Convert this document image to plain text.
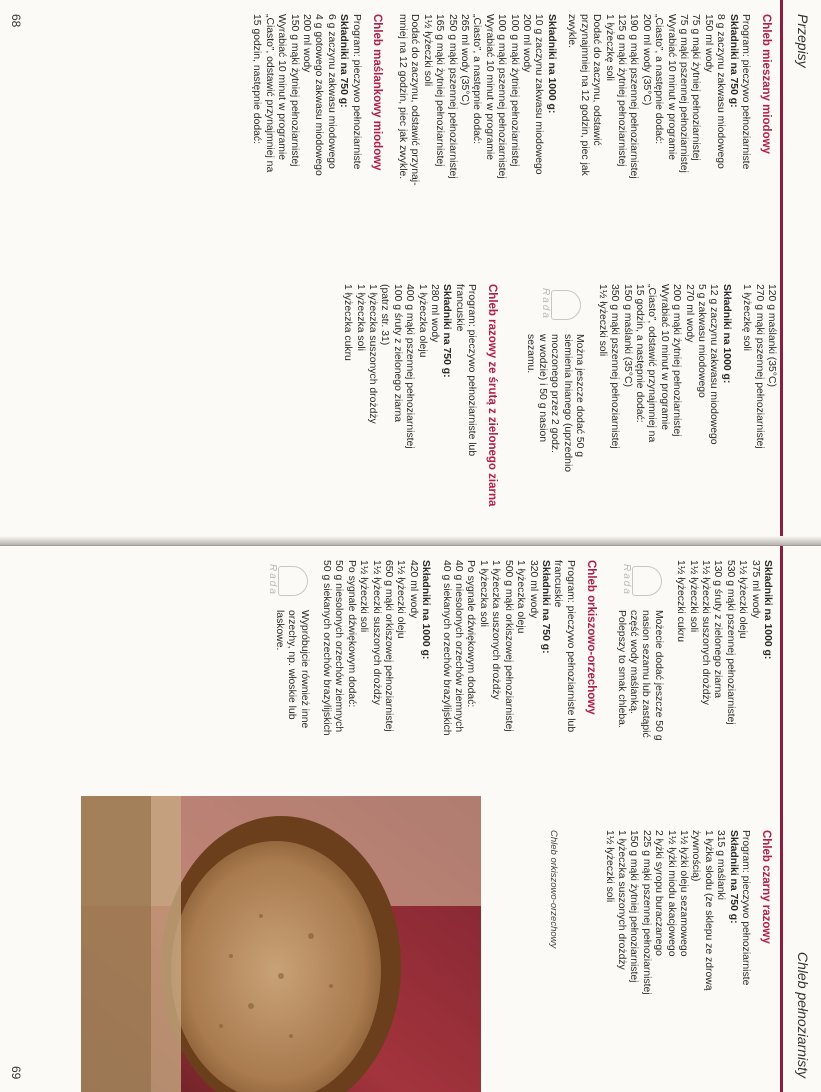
Przepisy
Chleb mieszany miodowy
Program: pieczywo pełnoziarniste
Składniki na 750 g:
8 g zaczynu zakwasu miodowego
150 ml wody
75 g mąki żytniej pełnoziarnistej
75 g mąki pszennej pełnoziarnistej
Wyrabiać 10 minut w programie
„Ciasto”, a następnie dodać:
200 ml wody (35°C)
190 g mąki pszennej pełnoziarnistej
125 g mąki żytniej pełnoziarnistej
1 łyżeczkę soli
Dodać do zaczynu, odstawić
przynajmniej na 12 godzin, piec jak
zwykle.
Składniki na 1000 g:
10 g zaczynu zakwasu miodowego
200 ml wody
100 g mąki żytniej pełnoziarnistej
100 g mąki pszennej pełnoziarnistej
Wyrabiać 10 minut w programie
„Ciasto”, a następnie dodać:
265 ml wody (35°C)
250 g mąki pszennej pełnoziarnistej
165 g mąki żytniej pełnoziarnistej
1½ łyżeczki soli
Dodać do zaczynu, odstawić przynaj-
mniej na 12 godzin, piec jak zwykle.
Chleb maślankowy miodowy
Program: pieczywo pełnoziarniste
Składniki na 750 g:
6 g zaczynu zakwasu miodowego
4 g gotowego zakwasu miodowego
200 ml wody
150 g mąki żytniej pełnoziarnistej
Wyrabiać 10 minut w programie
„Ciasto”, odstawić przynajmniej na
15 godzin, następnie dodać:
120 g maślanki (35°C)
270 g mąki pszennej pełnoziarnistej
1 łyżeczkę soli
Składniki na 1000 g:
12 g zaczynu zakwasu miodowego
5 g zakwasu miodowego
270 ml wody
200 g mąki żytniej pełnoziarnistej
Wyrabiać 10 minut w programie
„Ciasto”, odstawić przynajmniej na
15 godzin, a następnie dodać:
150 g maślanki (35°C)
350 g mąki pszennej pełnoziarnistej
1½ łyżeczki soli
Rada
Można jeszcze dodać 50 g
siemienia lnianego (uprzednio
moczonego przez 2 godz.
w wodzie) i 50 g nasion
sezamu.
Chleb razowy ze śrutą z zielonego ziarna
Program: pieczywo pełnoziarniste lub
francuskie
Składniki na 750 g:
280 ml wody
1 łyżeczka oleju
400 g mąki pszennej pełnoziarnistej
100 g śruty z zielonego ziarna
(patrz str. 31)
1 łyżeczka suszonych drożdży
1 łyżeczka soli
1 łyżeczka cukru
68
Chleb pełnoziarnisty
Składniki na 1000 g:
375 ml wody
1½ łyżeczki oleju
530 g mąki pszennej pełnoziarnistej
130 g śruty z zielonego ziarna
1½ łyżeczki suszonych drożdży
1½ łyżeczki soli
1½ łyżeczki cukru
Rada
Możecie dodać jeszcze 50 g
nasion sezamu lub zastąpić
część wody maślanką.
Polepszy to smak chleba.
Chleb orkiszowo-orzechowy
Program: pieczywo pełnoziarniste lub
francuskie
Składniki na 750 g:
320 ml wody
1 łyżeczka oleju
500 g mąki orkiszowej pełnoziarnistej
1 łyżeczka suszonych drożdży
1 łyżeczka soli
Po sygnale dźwiękowym dodać:
40 g niesolonych orzechów ziemnych
40 g siekanych orzechów brazylijskich
Składniki na 1000 g:
420 ml wody
1½ łyżeczki oleju
650 g mąki orkiszowej pełnoziarnistej
1½ łyżeczki suszonych drożdży
1½ łyżeczki soli
Po sygnale dźwiękowym dodać:
50 g niesolonych orzechów ziemnych
50 g siekanych orzechów brazylijskich
Rada
Wypróbujcie również inne
orzechy, np. włoskie lub
laskowe.
Chleb czarny razowy
Program: pieczywo pełnoziarniste
Składniki na 750 g:
315 g maślanki
1 łyżka słodu (ze sklepu ze zdrową
żywnością)
1½ łyżki oleju sezamowego
1½ łyżki miodu akacjowego
2 łyżki syropu buraczanego
225 g mąki pszennej pełnoziarnistej
150 g mąki żytniej pełnoziarnistej
1 łyżeczka suszonych drożdży
1½ łyżeczki soli
Chleb orkiszowo-orzechowy
69
